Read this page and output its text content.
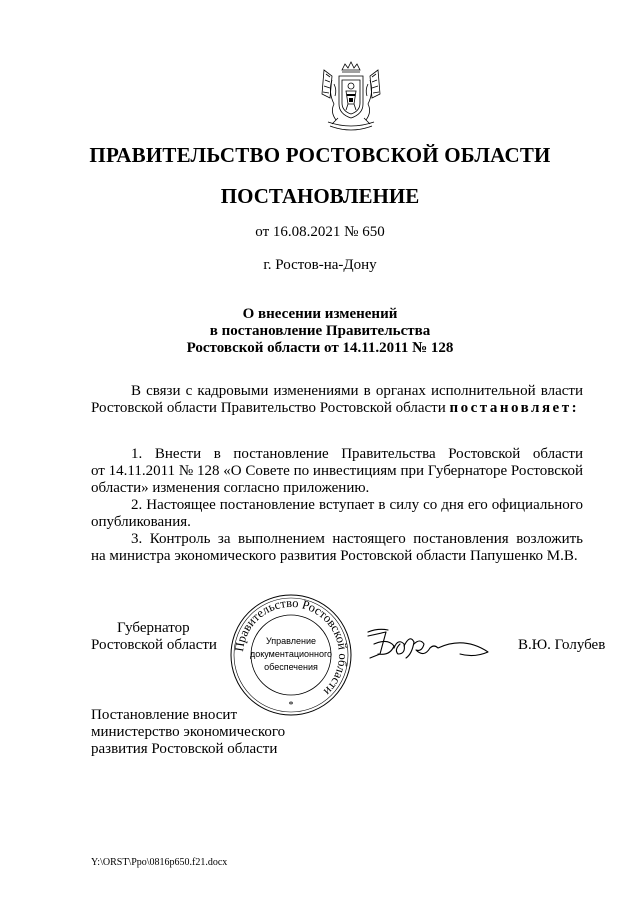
ПРАВИТЕЛЬСТВО РОСТОВСКОЙ ОБЛАСТИ
ПОСТАНОВЛЕНИЕ
от 16.08.2021 № 650
г. Ростов-на-Дону
О внесении изменений
в постановление Правительства
Ростовской области от 14.11.2011 № 128
В связи с кадровыми изменениями в органах исполнительной власти
Ростовской области Правительство Ростовской области постановляет:
1. Внести в постановление Правительства Ростовской области
от 14.11.2011 № 128 «О Совете по инвестициям при Губернаторе Ростовской
области» изменения согласно приложению.
2. Настоящее постановление вступает в силу со дня его официального
опубликования.
3. Контроль за выполнением настоящего постановления возложить
на министра экономического развития Ростовской области Папушенко М.В.
Губернатор
Ростовской области Правительство Ростовской области
Управление
документационного
обеспечения
*
В.Ю. Голубев
Постановление вносит
министерство экономического
развития Ростовской области
Y:\ORST\Ppo\0816p650.f21.docx
